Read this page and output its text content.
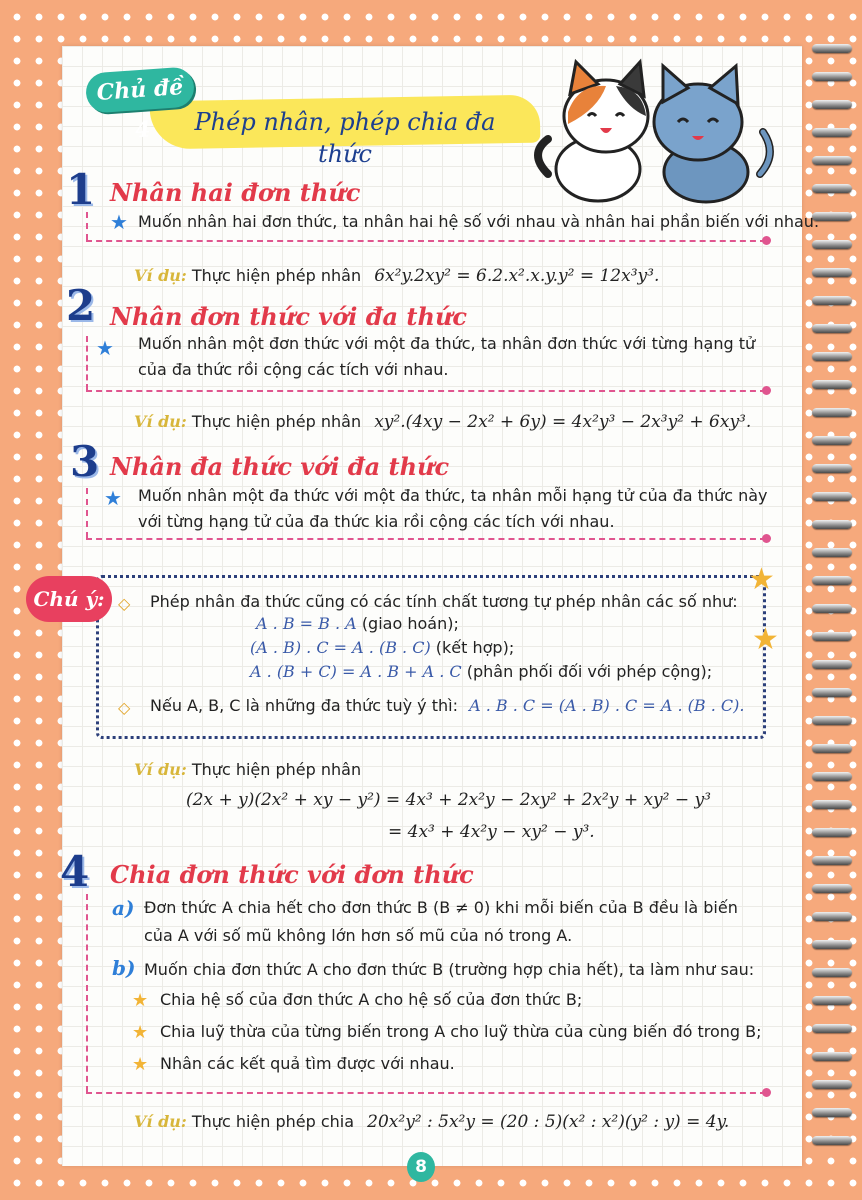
Chủ đề 4	Phép nhân, phép chia đa thức
1 Nhân hai đơn thức
★ Muốn nhân hai đơn thức, ta nhân hai hệ số với nhau và nhân hai phần biến với nhau.
Ví dụ: Thực hiện phép nhân 6x²y.2xy² = 6.2.x².x.y.y² = 12x³y³.
2 Nhân đơn thức với đa thức
★ Muốn nhân một đơn thức với một đa thức, ta nhân đơn thức với từng hạng tử
của đa thức rồi cộng các tích với nhau.
Ví dụ: Thực hiện phép nhân xy².(4xy − 2x² + 6y) = 4x²y³ − 2x³y² + 6xy³.
3 Nhân đa thức với đa thức
★ Muốn nhân một đa thức với một đa thức, ta nhân mỗi hạng tử của đa thức này
với từng hạng tử của đa thức kia rồi cộng các tích với nhau.
Chú ý:
★
★
◇ Phép nhân đa thức cũng có các tính chất tương tự phép nhân các số như:
A . B = B . A (giao hoán);
(A . B) . C = A . (B . C) (kết hợp);
A . (B + C) = A . B + A . C (phân phối đối với phép cộng);
◇ Nếu A, B, C là những đa thức tuỳ ý thì: A . B . C = (A . B) . C = A . (B . C).
Ví dụ: Thực hiện phép nhân
(2x + y)(2x² + xy − y²) = 4x³ + 2x²y − 2xy² + 2x²y + xy² − y³
= 4x³ + 4x²y − xy² − y³.
4 Chia đơn thức với đơn thức
a) Đơn thức A chia hết cho đơn thức B (B ≠ 0) khi mỗi biến của B đều là biến
của A với số mũ không lớn hơn số mũ của nó trong A.
b) Muốn chia đơn thức A cho đơn thức B (trường hợp chia hết), ta làm như sau:
★ Chia hệ số của đơn thức A cho hệ số của đơn thức B;
★ Chia luỹ thừa của từng biến trong A cho luỹ thừa của cùng biến đó trong B;
★ Nhân các kết quả tìm được với nhau.
Ví dụ: Thực hiện phép chia 20x²y² : 5x²y = (20 : 5)(x² : x²)(y² : y) = 4y.
8
